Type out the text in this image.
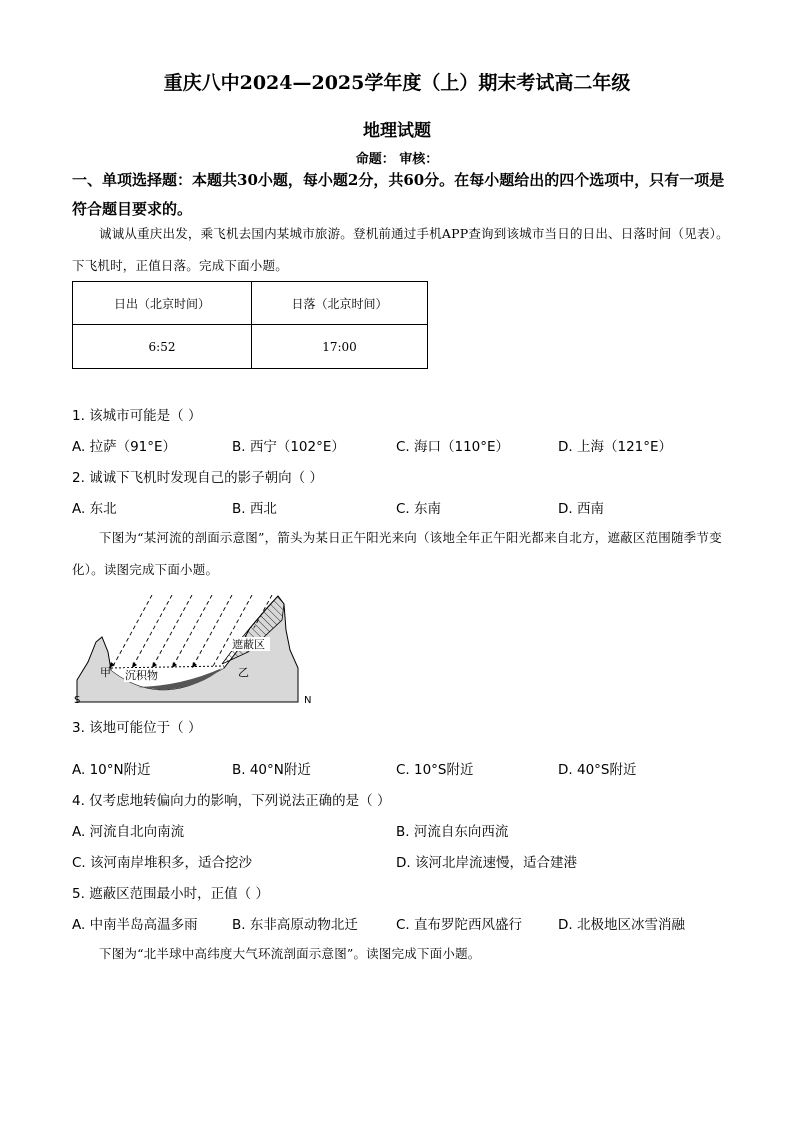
重庆八中2024—2025学年度（上）期末考试高二年级
地理试题
命题： 审核：
一、单项选择题：本题共30小题，每小题2分，共60分。在每小题给出的四个选项中，只有一项是符合题目要求的。
诚诚从重庆出发，乘飞机去国内某城市旅游。登机前通过手机APP查询到该城市当日的日出、日落时间（见表）。下飞机时，正值日落。完成下面小题。
日出（北京时间）	日落（北京时间）
6:52	17:00
1. 该城市可能是（ ）
A. 拉萨（91°E）	B. 西宁（102°E）	C. 海口（110°E）	D. 上海（121°E）
2. 诚诚下飞机时发现自己的影子朝向（ ）
A. 东北	B. 西北	C. 东南	D. 西南
下图为“某河流的剖面示意图”，箭头为某日正午阳光来向（该地全年正午阳光都来自北方，遮蔽区范围随季节变化）。读图完成下面小题。
遮蔽区
甲	乙
沉积物
S	N
3. 该地可能位于（ ）
A. 10°N附近	B. 40°N附近	C. 10°S附近	D. 40°S附近
4. 仅考虑地转偏向力的影响，下列说法正确的是（ ）
A. 河流自北向南流	B. 河流自东向西流
C. 该河南岸堆积多，适合挖沙	D. 该河北岸流速慢，适合建港
5. 遮蔽区范围最小时，正值（ ）
A. 中南半岛高温多雨	B. 东非高原动物北迁	C. 直布罗陀西风盛行	D. 北极地区冰雪消融
下图为“北半球中高纬度大气环流剖面示意图”。读图完成下面小题。
